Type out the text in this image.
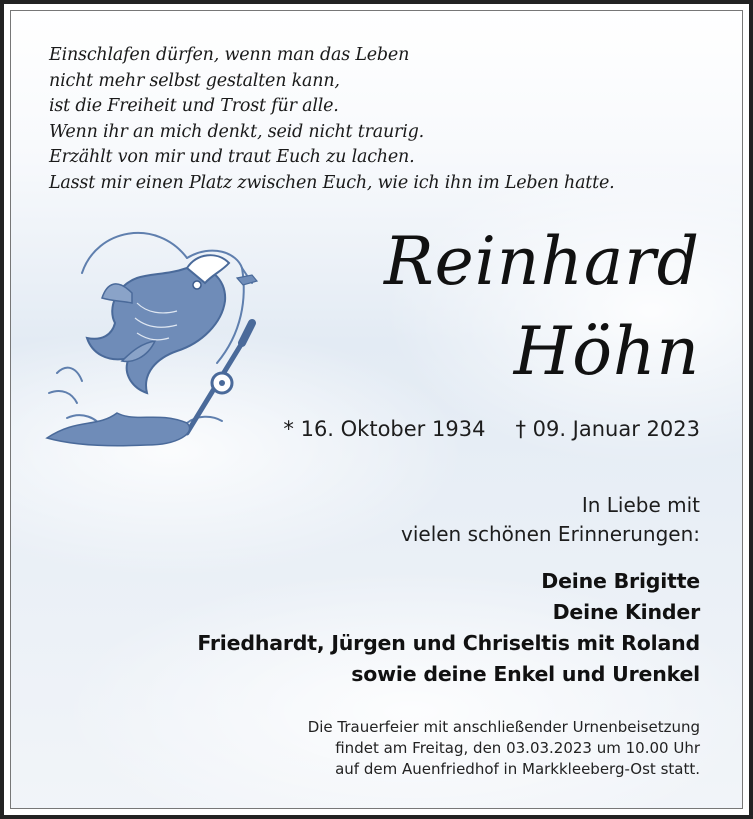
Einschlafen dürfen, wenn man das Leben
nicht mehr selbst gestalten kann,
ist die Freiheit und Trost für alle.
Wenn ihr an mich denkt, seid nicht traurig.
Erzählt von mir und traut Euch zu lachen.
Lasst mir einen Platz zwischen Euch, wie ich ihn im Leben hatte.
Reinhard
Höhn
* 16. Oktober 1934 † 09. Januar 2023
In Liebe mit
vielen schönen Erinnerungen:
Deine Brigitte
Deine Kinder
Friedhardt, Jürgen und Chriseltis mit Roland
sowie deine Enkel und Urenkel
Die Trauerfeier mit anschließender Urnenbeisetzung
findet am Freitag, den 03.03.2023 um 10.00 Uhr
auf dem Auenfriedhof in Markkleeberg-Ost statt.
